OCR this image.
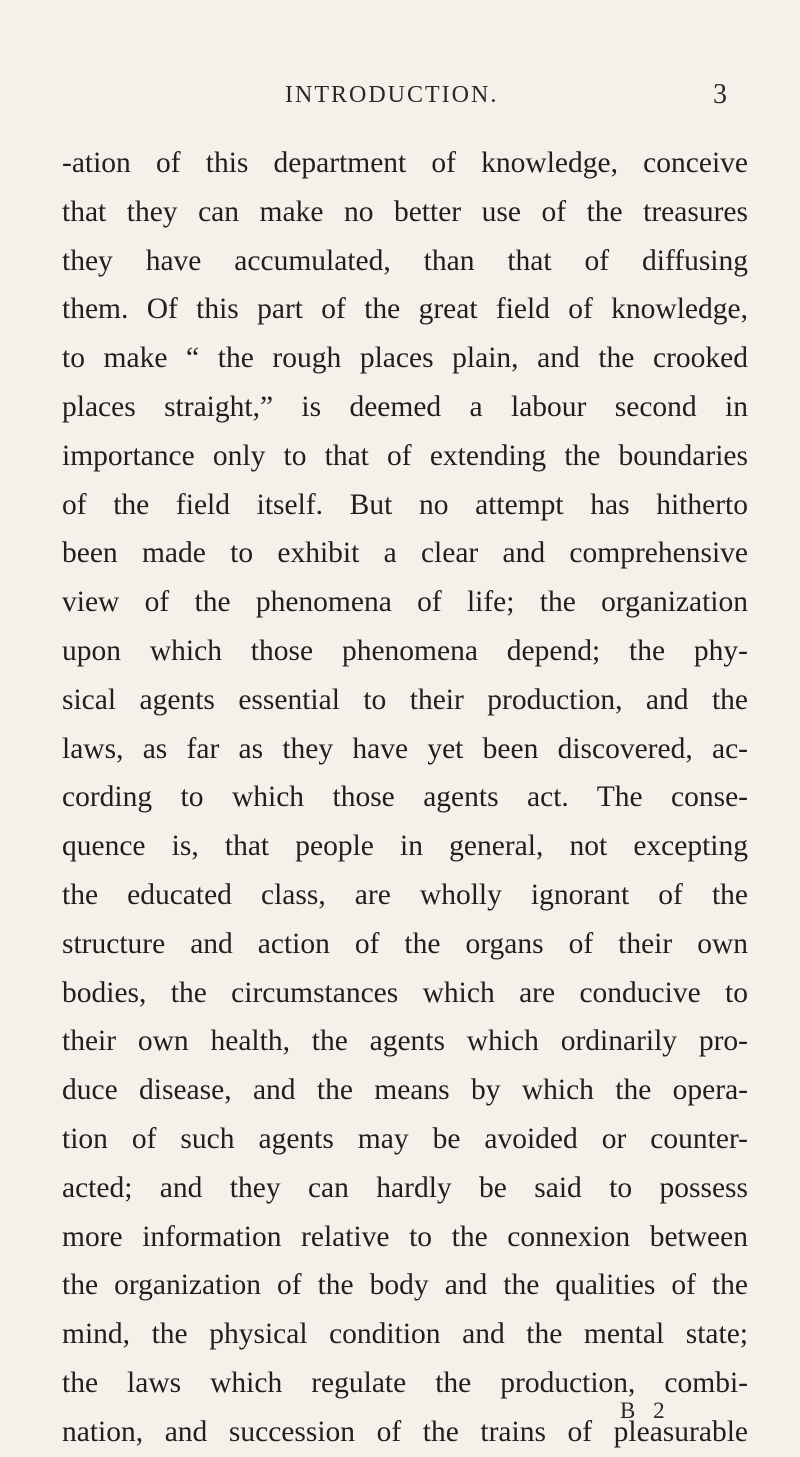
INTRODUCTION.	3
-ation of this department of knowledge, conceive
that they can make no better use of the treasures
they have accumulated, than that of diffusing
them. Of this part of the great field of knowledge,
to make “ the rough places plain, and the crooked
places straight,” is deemed a labour second in
importance only to that of extending the boundaries
of the field itself. But no attempt has hitherto
been made to exhibit a clear and comprehensive
view of the phenomena of life; the organization
upon which those phenomena depend; the phy-
sical agents essential to their production, and the
laws, as far as they have yet been discovered, ac-
cording to which those agents act. The conse-
quence is, that people in general, not excepting
the educated class, are wholly ignorant of the
structure and action of the organs of their own
bodies, the circumstances which are conducive to
their own health, the agents which ordinarily pro-
duce disease, and the means by which the opera-
tion of such agents may be avoided or counter-
acted; and they can hardly be said to possess
more information relative to the connexion between
the organization of the body and the qualities of the
mind, the physical condition and the mental state;
the laws which regulate the production, combi-
nation, and succession of the trains of pleasurable
B 2
